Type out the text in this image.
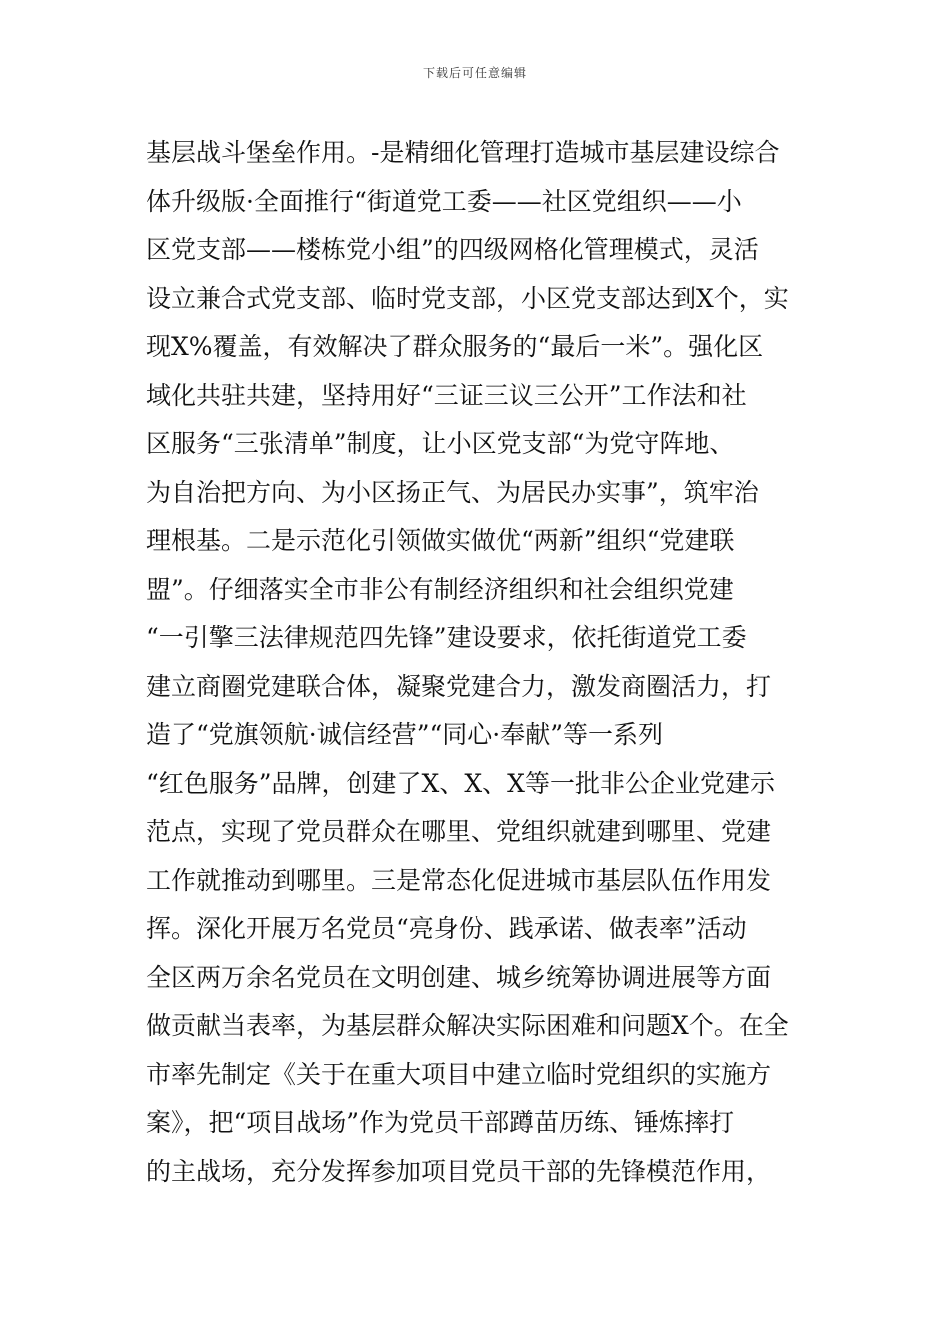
下载后可任意编辑
基层战斗堡垒作用。-是精细化管理打造城市基层建设综合
体升级版·全面推行“街道党工委——社区党组织——小
区党支部——楼栋党小组”的四级网格化管理模式，灵活
设立兼合式党支部、临时党支部，小区党支部达到X个，实
现X%覆盖，有效解决了群众服务的“最后一米”。强化区
域化共驻共建，坚持用好“三证三议三公开”工作法和社
区服务“三张清单”制度，让小区党支部“为党守阵地、
为自治把方向、为小区扬正气、为居民办实事”，筑牢治
理根基。二是示范化引领做实做优“两新”组织“党建联
盟”。仔细落实全市非公有制经济组织和社会组织党建
“一引擎三法律规范四先锋”建设要求，依托街道党工委
建立商圈党建联合体，凝聚党建合力，激发商圈活力，打
造了“党旗领航·诚信经营”“同心·奉献”等一系列
“红色服务”品牌，创建了X、X、X等一批非公企业党建示
范点，实现了党员群众在哪里、党组织就建到哪里、党建
工作就推动到哪里。三是常态化促进城市基层队伍作用发
挥。深化开展万名党员“亮身份、践承诺、做表率”活动
全区两万余名党员在文明创建、城乡统筹协调进展等方面
做贡献当表率，为基层群众解决实际困难和问题X个。在全
市率先制定《关于在重大项目中建立临时党组织的实施方
案》，把“项目战场”作为党员干部蹲苗历练、锤炼摔打
的主战场，充分发挥参加项目党员干部的先锋模范作用，
